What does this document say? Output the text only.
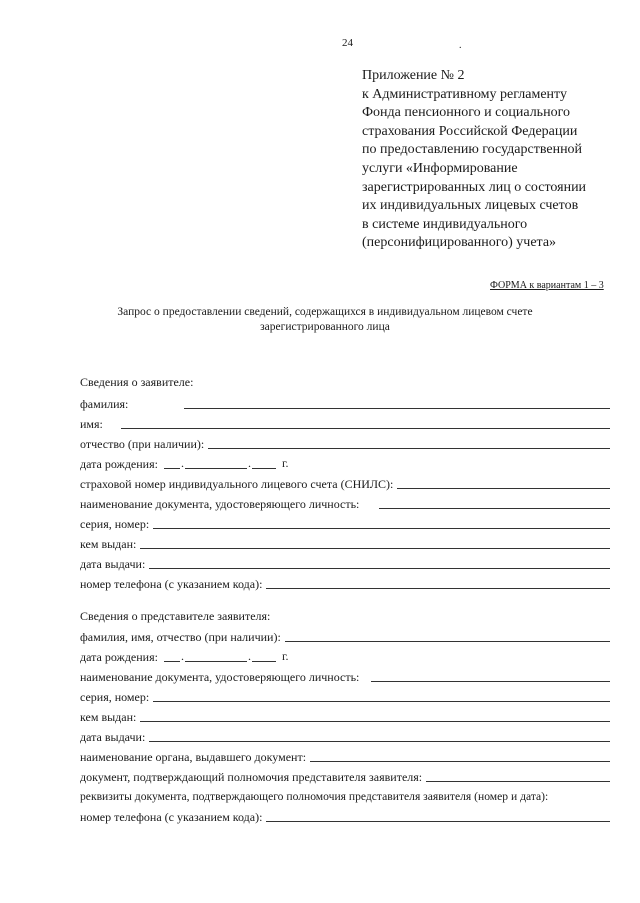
24	.
Приложение № 2
к Административному регламенту
Фонда пенсионного и социального
страхования Российской Федерации
по предоставлению государственной
услуги «Информирование
зарегистрированных лиц о состоянии
их индивидуальных лицевых счетов
в системе индивидуального
(персонифицированного) учета»
ФОРМА к вариантам 1 – 3
Запрос о предоставлении сведений, содержащихся в индивидуальном лицевом счете зарегистрированного лица
Сведения о заявителе:
фамилия:
имя:
отчество (при наличии):
дата рождения: .	.	г.
страховой номер индивидуального лицевого счета (СНИЛС):
наименование документа, удостоверяющего личность:
серия, номер:
кем выдан:
дата выдачи:
номер телефона (с указанием кода):
Сведения о представителе заявителя:
фамилия, имя, отчество (при наличии):
дата рождения: .	.	г.
наименование документа, удостоверяющего личность:
серия, номер:
кем выдан:
дата выдачи:
наименование органа, выдавшего документ:
документ, подтверждающий полномочия представителя заявителя:
реквизиты документа, подтверждающего полномочия представителя заявителя (номер и дата):
номер телефона (с указанием кода):
